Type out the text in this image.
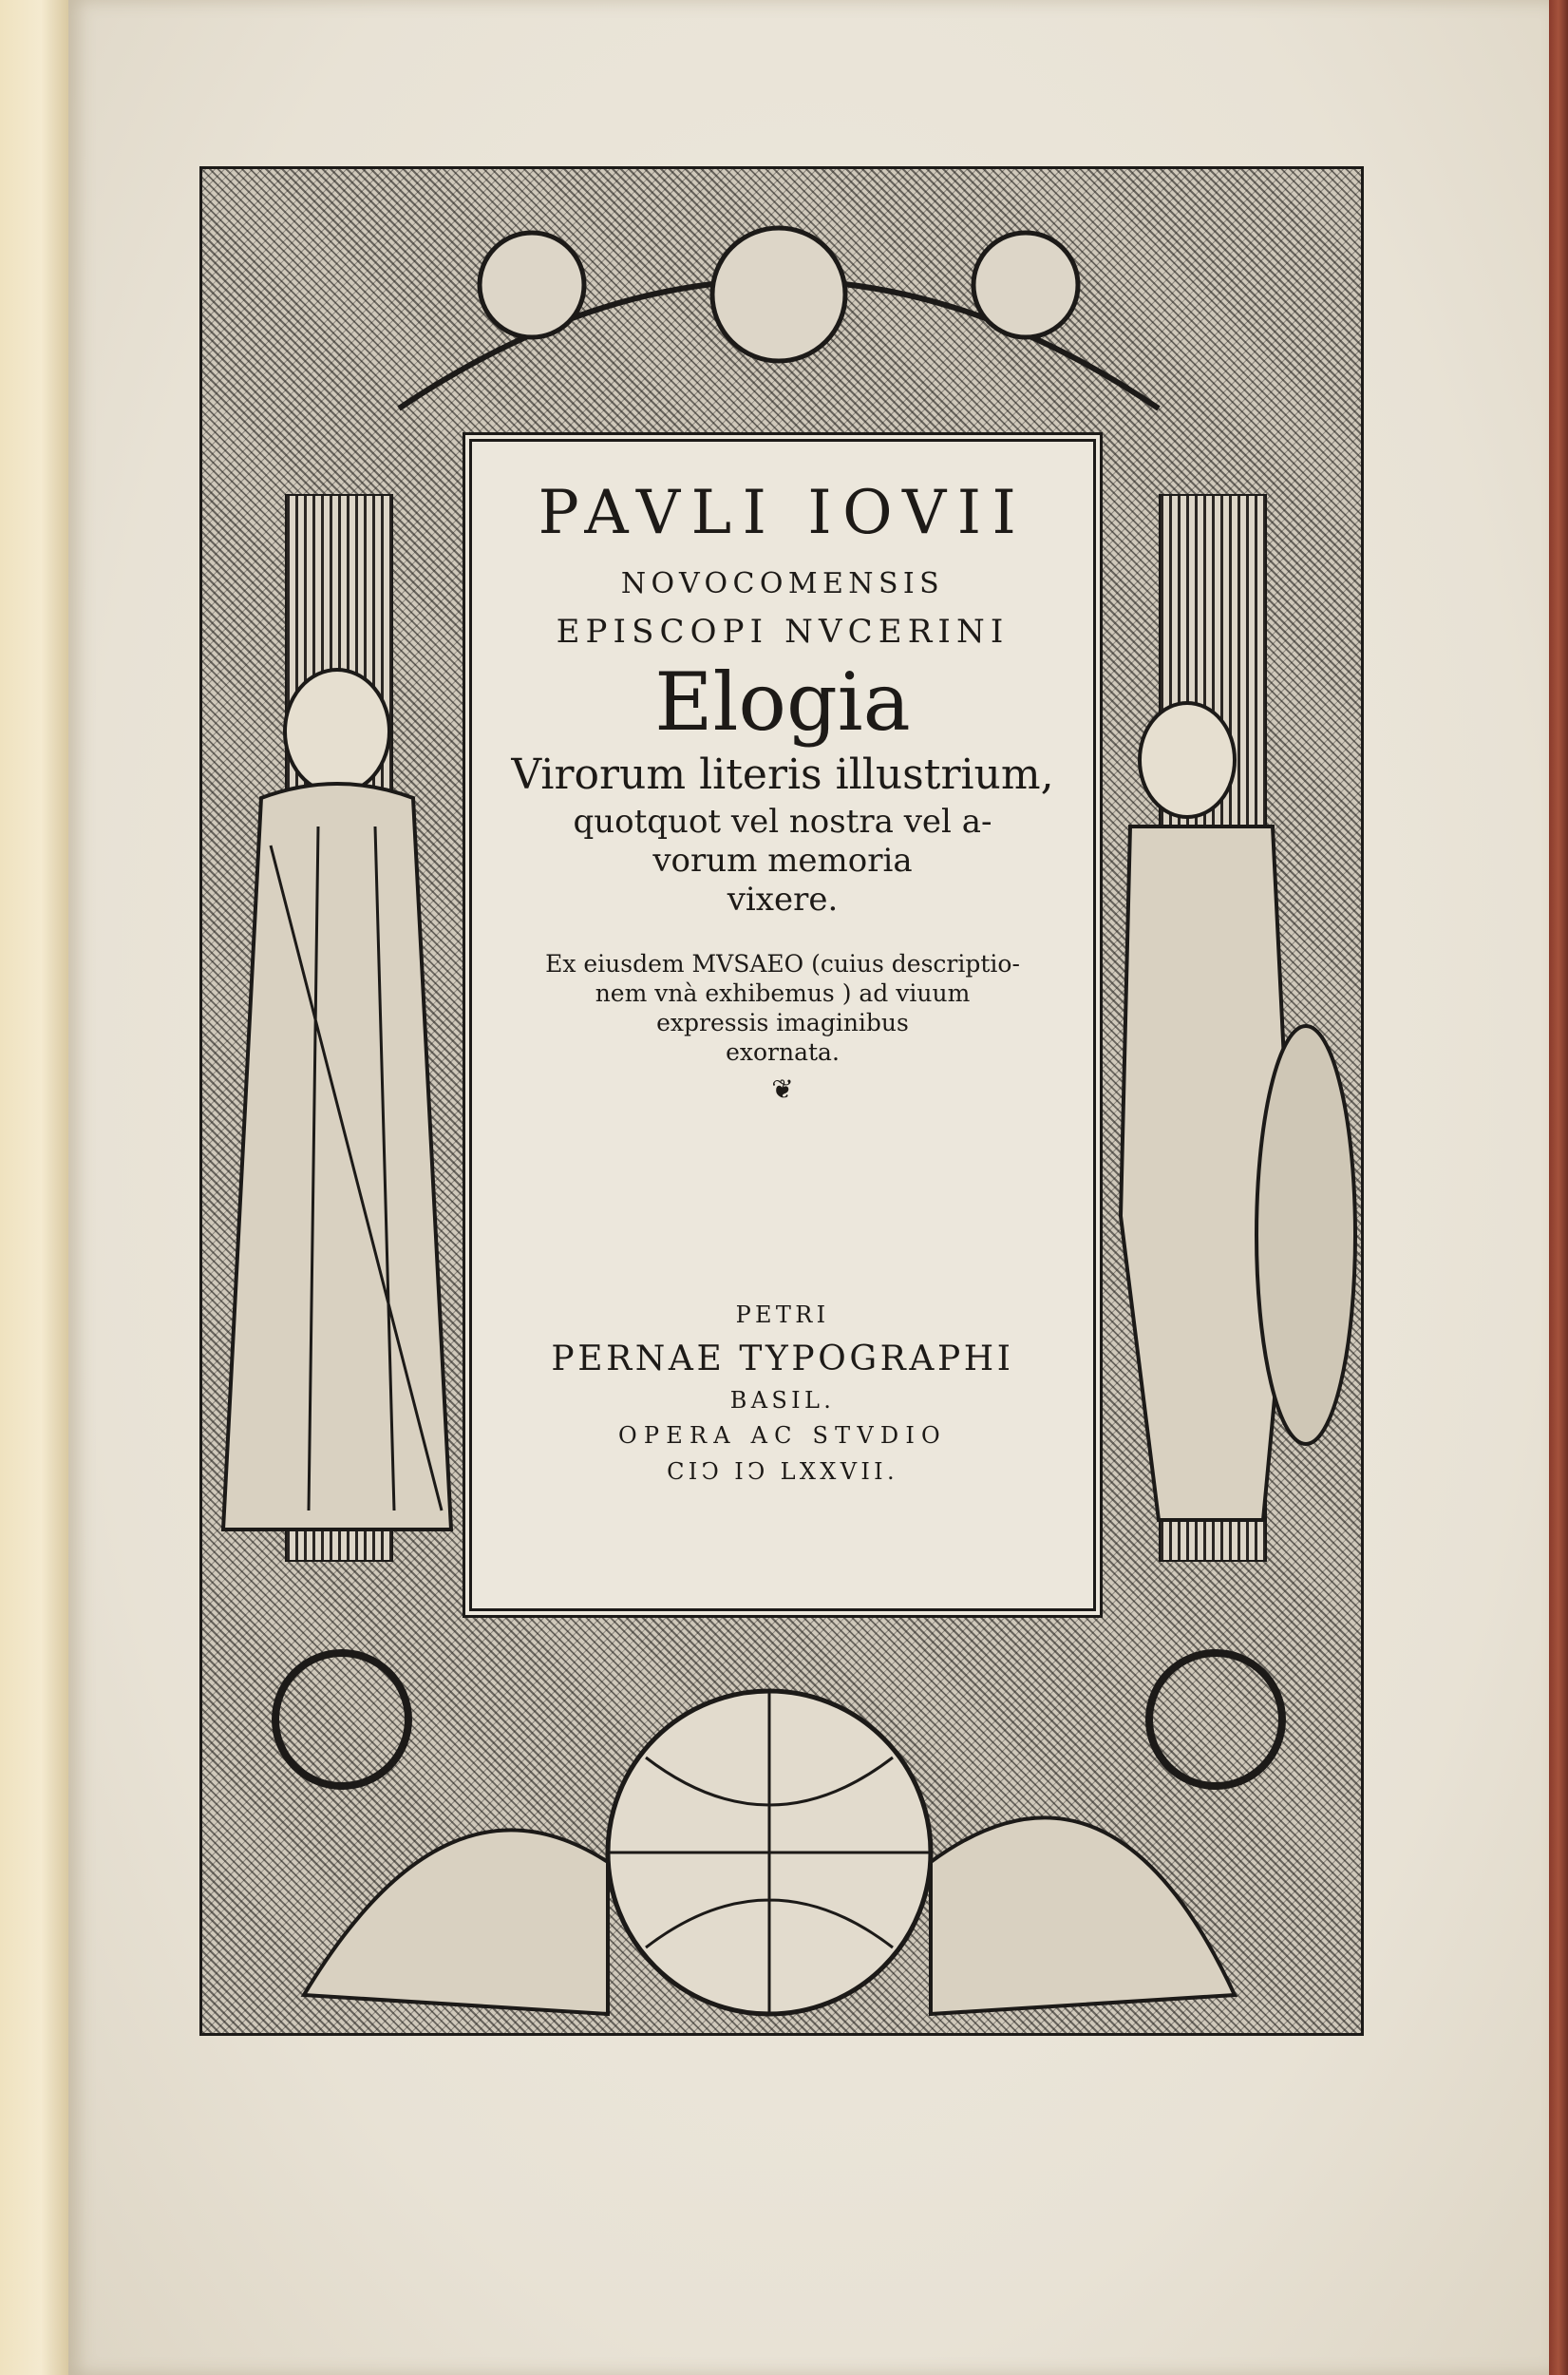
PAVLI IOVII
NOVOCOMENSIS
EPISCOPI NVCERINI
Elogia
Virorum literis illustrium,
quotquot vel nostra vel a-
vorum memoria
vixere.
Ex eiusdem MVSAEO (cuius descriptio-
nem vnà exhibemus ) ad viuum
expressis imaginibus
exornata.
❦
PETRI
PERNAE TYPOGRAPHI
BASIL.
OPERA AC STVDIO
CIↃ IↃ LXXVII.
